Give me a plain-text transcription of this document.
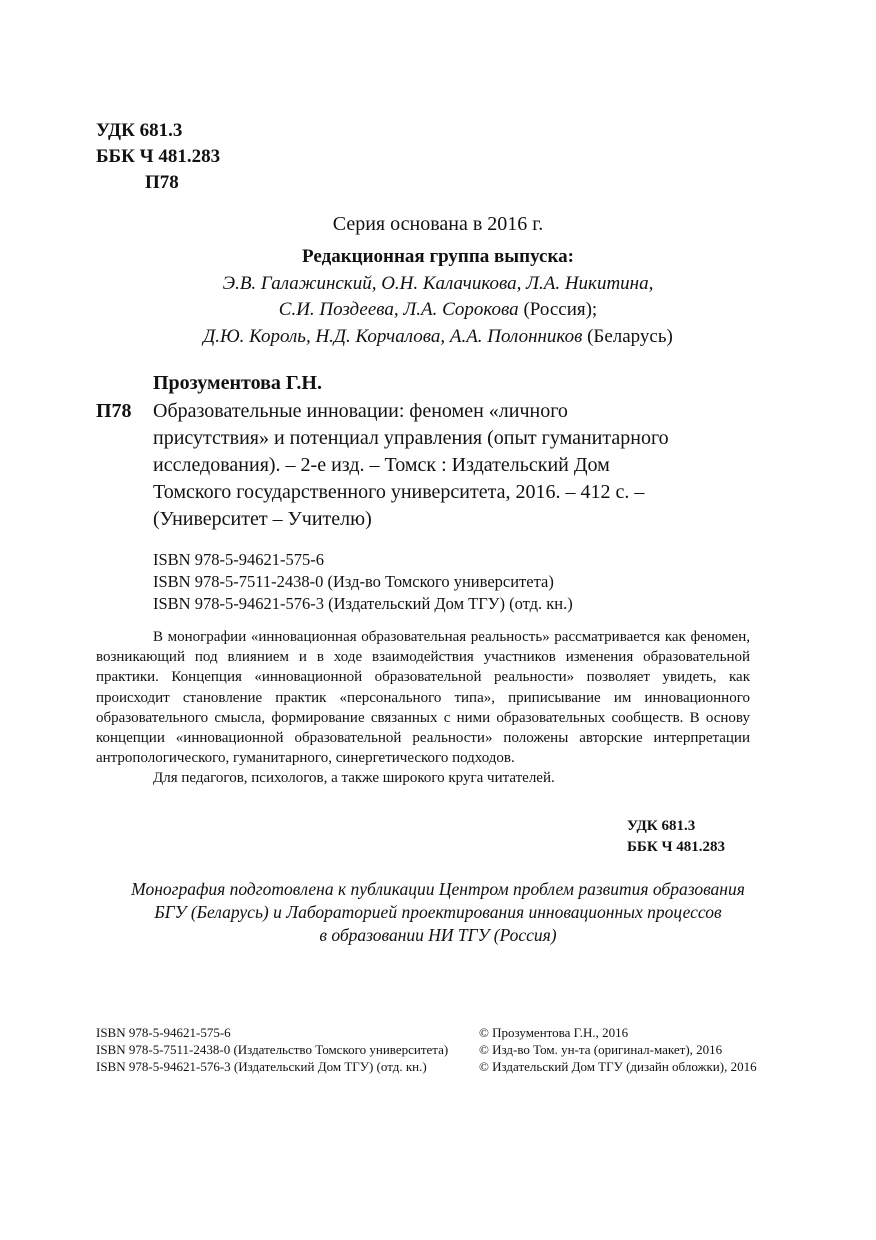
УДК 681.3
ББК Ч 481.283
П78
Серия основана в 2016 г.
Редакционная группа выпуска:
Э.В. Галажинский, О.Н. Калачикова, Л.А. Никитина,
С.И. Поздеева, Л.А. Сорокова (Россия);
Д.Ю. Король, Н.Д. Корчалова, А.А. Полонников (Беларусь)
Прозументова Г.Н.
П78 Образовательные инновации: феномен «личного
присутствия» и потенциал управления (опыт гуманитарного
исследования). – 2-е изд. – Томск : Издательский Дом
Томского государственного университета, 2016. – 412 с. –
(Университет – Учителю)
ISBN 978-5-94621-575-6
ISBN 978-5-7511-2438-0 (Изд-во Томского университета)
ISBN 978-5-94621-576-3 (Издательский Дом ТГУ) (отд. кн.)

В монографии «инновационная образовательная реальность» рассматривается как феномен, возникающий под влиянием и в ходе взаимодействия участников изменения образовательной практики. Концепция «инновационной образовательной реальности» позволяет увидеть, как происходит становление практик «персонального типа», приписывание им инновационного образовательного смысла, формирование связанных с ними образовательных сообществ. В основу концепции «инновационной образовательной реальности» положены авторские интерпретации антропологического, гуманитарного, синергетического подходов.

Для педагогов, психологов, а также широкого круга читателей.

УДК 681.3
ББК Ч 481.283
Монография подготовлена к публикации Центром проблем развития образования
БГУ (Беларусь) и Лабораторией проектирования инновационных процессов
в образовании НИ ТГУ (Россия)
ISBN 978-5-94621-575-6
ISBN 978-5-7511-2438-0 (Издательство Томского университета)
ISBN 978-5-94621-576-3 (Издательский Дом ТГУ) (отд. кн.)
© Прозументова Г.Н., 2016
© Изд-во Том. ун-та (оригинал-макет), 2016
© Издательский Дом ТГУ (дизайн обложки), 2016
